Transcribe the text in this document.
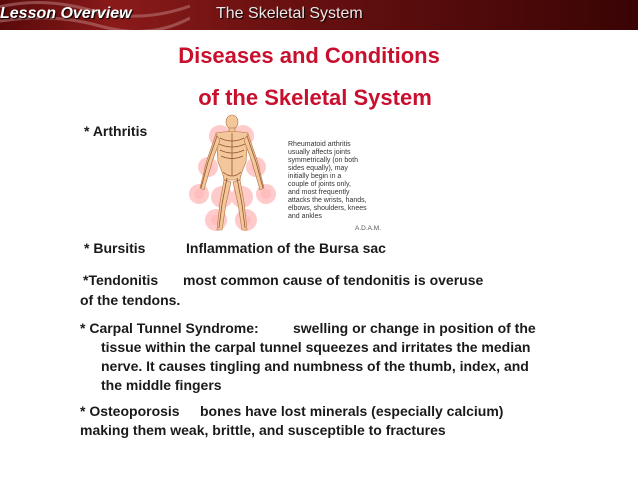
Lesson Overview	The Skeletal System
Diseases and Conditions
of the Skeletal System
* Arthritis
Rheumatoid arthritis
usually affects joints
symmetrically (on both
sides equally), may
initially begin in a
couple of joints only,
and most frequently
attacks the wrists, hands,
elbows, shoulders, knees
and ankles
A.D.A.M.
* Bursitis	Inflammation of the Bursa sac
*Tendonitis most common cause of tendonitis is overuse
of the tendons.
* Carpal Tunnel Syndrome: swelling or change in position of the
tissue within the carpal tunnel squeezes and irritates the median
nerve. It causes tingling and numbness of the thumb, index, and
the middle fingers
* Osteoporosis bones have lost minerals (especially calcium)
making them weak, brittle, and susceptible to fractures
